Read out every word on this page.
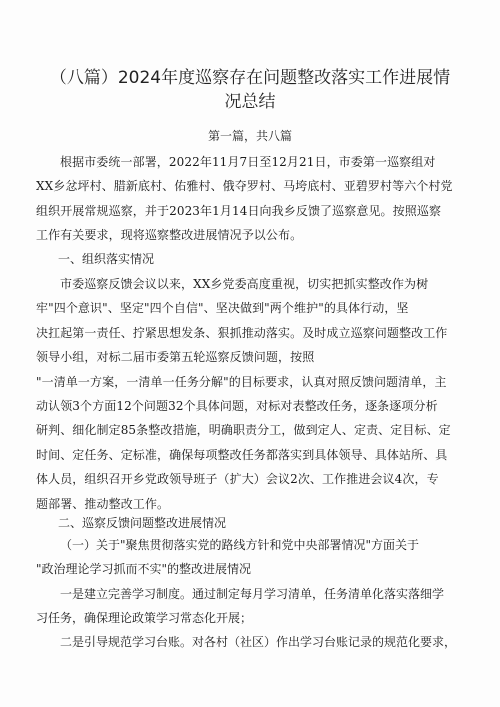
（八篇）2024年度巡察存在问题整改落实工作进展情
况总结
第一篇，共八篇
根据市委统一部署，2022年11月7日至12月21日，市委第一巡察组对
XX乡忿坪村、腊新底村、佑雅村、俄夺罗村、马垮底村、亚碧罗村等六个村党
组织开展常规巡察，并于2023年1月14日向我乡反馈了巡察意见。按照巡察
工作有关要求，现将巡察整改进展情况予以公布。
一、组织落实情况
市委巡察反馈会议以来，XX乡党委高度重视，切实把抓实整改作为树
牢"四个意识"、坚定"四个自信"、坚决做到"两个维护"的具体行动，坚
决扛起第一责任、拧紧思想发条、狠抓推动落实。及时成立巡察问题整改工作
领导小组，对标二届市委第五轮巡察反馈问题，按照
"一清单一方案，一清单一任务分解"的目标要求，认真对照反馈问题清单，主
动认领3个方面12个问题32个具体问题，对标对表整改任务，逐条逐项分析
研判、细化制定85条整改措施，明确职责分工，做到定人、定责、定目标、定
时间、定任务、定标准，确保每项整改任务都落实到具体领导、具体站所、具
体人员，组织召开乡党政领导班子（扩大）会议2次、工作推进会议4次，专
题部署、推动整改工作。
二、巡察反馈问题整改进展情况
（一）关于"聚焦贯彻落实党的路线方针和党中央部署情况"方面关于
"政治理论学习抓而不实"的整改进展情况
一是建立完善学习制度。通过制定每月学习清单，任务清单化落实落细学
习任务，确保理论政策学习常态化开展；
二是引导规范学习台账。对各村（社区）作出学习台账记录的规范化要求，
